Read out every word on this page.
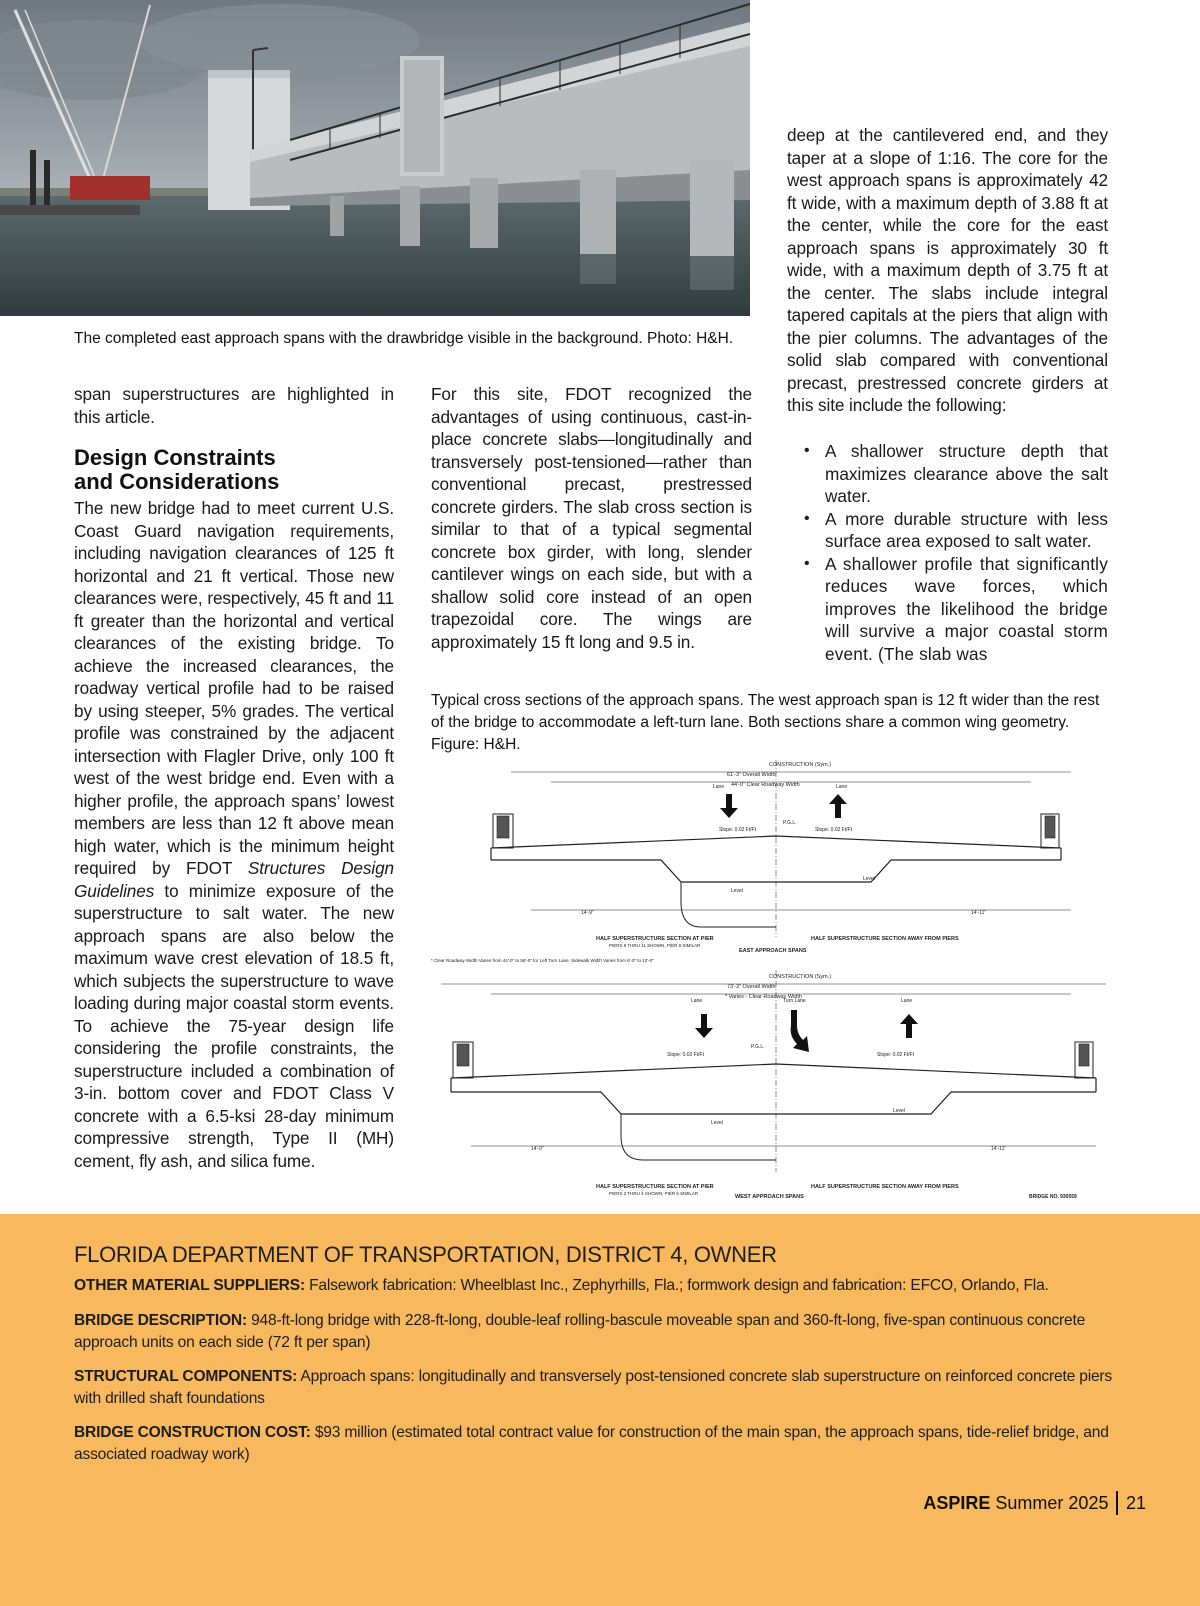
The completed east approach spans with the drawbridge visible in the background. Photo: H&H.
span superstructures are highlighted in this article.
Design Constraints
and Considerations
The new bridge had to meet current U.S. Coast Guard navigation requirements, including navigation clearances of 125 ft horizontal and 21 ft vertical. Those new clearances were, respectively, 45 ft and 11 ft greater than the horizontal and vertical clearances of the existing bridge. To achieve the increased clearances, the roadway vertical profile had to be raised by using steeper, 5% grades. The vertical profile was constrained by the adjacent intersection with Flagler Drive, only 100 ft west of the west bridge end. Even with a higher profile, the approach spans’ lowest members are less than 12 ft above mean high water, which is the minimum height required by FDOT Structures Design Guidelines to minimize exposure of the superstructure to salt water. The new approach spans are also below the maximum wave crest elevation of 18.5 ft, which subjects the superstructure to wave loading during major coastal storm events. To achieve the 75-year design life considering the profile constraints, the superstructure included a combination of 3-in. bottom cover and FDOT Class V concrete with a 6.5-ksi 28-day minimum compressive strength, Type II (MH) cement, fly ash, and silica fume.
For this site, FDOT recognized the advantages of using continuous, cast-in-place concrete slabs—longitudinally and transversely post-tensioned—rather than conventional precast, prestressed concrete girders. The slab cross section is similar to that of a typical segmental concrete box girder, with long, slender cantilever wings on each side, but with a shallow solid core instead of an open trapezoidal core. The wings are approximately 15 ft long and 9.5 in.
deep at the cantilevered end, and they taper at a slope of 1:16. The core for the west approach spans is approximately 42 ft wide, with a maximum depth of 3.88 ft at the center, while the core for the east approach spans is approximately 30 ft wide, with a maximum depth of 3.75 ft at the center. The slabs include integral tapered capitals at the piers that align with the pier columns. The advantages of the solid slab compared with conventional precast, prestressed concrete girders at this site include the following:
• A shallower structure depth that maximizes clearance above the salt water.
• A more durable structure with less surface area exposed to salt water.
• A shallower profile that significantly reduces wave forces, which improves the likelihood the bridge will survive a major coastal storm event. (The slab was
Typical cross sections of the approach spans. The west approach span is 12 ft wider than the rest of the bridge to accommodate a left-turn lane. Both sections share a common wing geometry. Figure: H&H.
CONSTRUCTION (Sym.)
61'-3" Overall Width
44'-0" Clear Roadway Width
Lane	Lane
Slope: 0.02 Ft/Ft	Slope: 0.02 Ft/Ft
P.G.L.
Level
Level
14'-9"	14'-11"
HALF SUPERSTRUCTURE SECTION AT PIER
PIERS 9 THRU 11 SHOWN, PIER 8 SIMILAR
HALF SUPERSTRUCTURE SECTION AWAY FROM PIERS
EAST APPROACH SPANS
* Clear Roadway Width Varies from 44'-0" to 56'-0" for Left Turn Lane. Sidewalk Width Varies from 6'-0" to 12'-0"
CONSTRUCTION (Sym.)
73'-3" Overall Width
* Varies - Clear Roadway Width
Lane	Turn Lane	Lane
Slope: 0.02 Ft/Ft	Slope: 0.02 Ft/Ft
P.G.L.
Level
Level
14'-0"	14'-11"
HALF SUPERSTRUCTURE SECTION AT PIER
PIERS 2 THRU 4 SHOWN, PIER 5 SIMILAR
HALF SUPERSTRUCTURE SECTION AWAY FROM PIERS
WEST APPROACH SPANS	BRIDGE NO. 930559
FLORIDA DEPARTMENT OF TRANSPORTATION, DISTRICT 4, OWNER
OTHER MATERIAL SUPPLIERS: Falsework fabrication: Wheelblast Inc., Zephyrhills, Fla.; formwork design and fabrication: EFCO, Orlando, Fla.
BRIDGE DESCRIPTION: 948-ft-long bridge with 228-ft-long, double-leaf rolling-bascule moveable span and 360-ft-long, five-span continuous concrete approach units on each side (72 ft per span)
STRUCTURAL COMPONENTS: Approach spans: longitudinally and transversely post-tensioned concrete slab superstructure on reinforced concrete piers with drilled shaft foundations
BRIDGE CONSTRUCTION COST: $93 million (estimated total contract value for construction of the main span, the approach spans, tide-relief bridge, and associated roadway work)
ASPIRE Summer 2025 21
